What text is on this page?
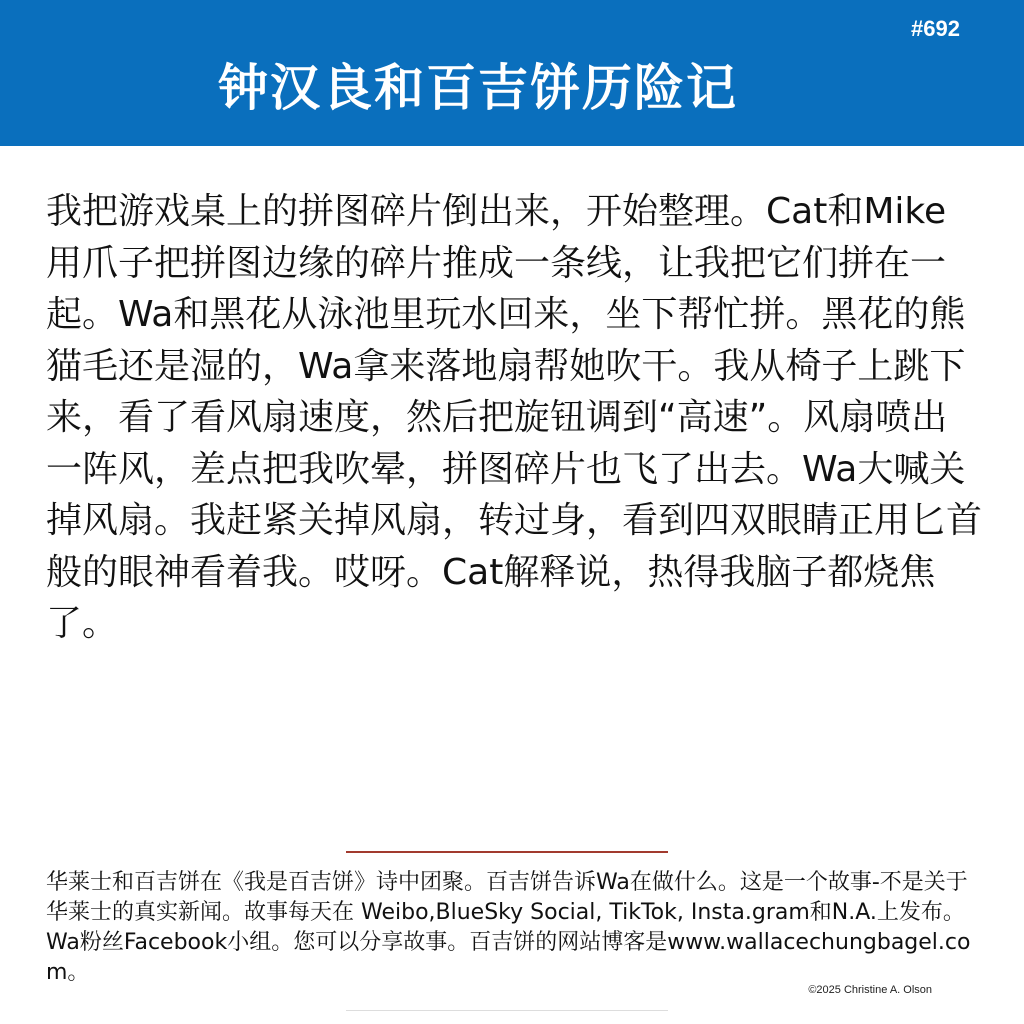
#692
钟汉良和百吉饼历险记

我把游戏桌上的拼图碎片倒出来，开始整理。Cat和Mike用爪子把拼图边缘的碎片推成一条线，让我把它们拼在一起。Wa和黑花从泳池里玩水回来，坐下帮忙拼。黑花的熊猫毛还是湿的，Wa拿来落地扇帮她吹干。我从椅子上跳下来，看了看风扇速度，然后把旋钮调到“高速”。风扇喷出一阵风，差点把我吹晕，拼图碎片也飞了出去。Wa大喊关掉风扇。我赶紧关掉风扇，转过身，看到四双眼睛正用匕首般的眼神看着我。哎呀。Cat解释说，热得我脑子都烧焦了。

华莱士和百吉饼在《我是百吉饼》诗中团聚。百吉饼告诉Wa在做什么。这是一个故事-不是关于华莱士的真实新闻。故事每天在 Weibo,BlueSky Social, TikTok, Insta.gram和N.A.上发布。Wa粉丝Facebook小组。您可以分享故事。百吉饼的网站博客是www.wallacechungbagel.com。

©2025 Christine A. Olson
